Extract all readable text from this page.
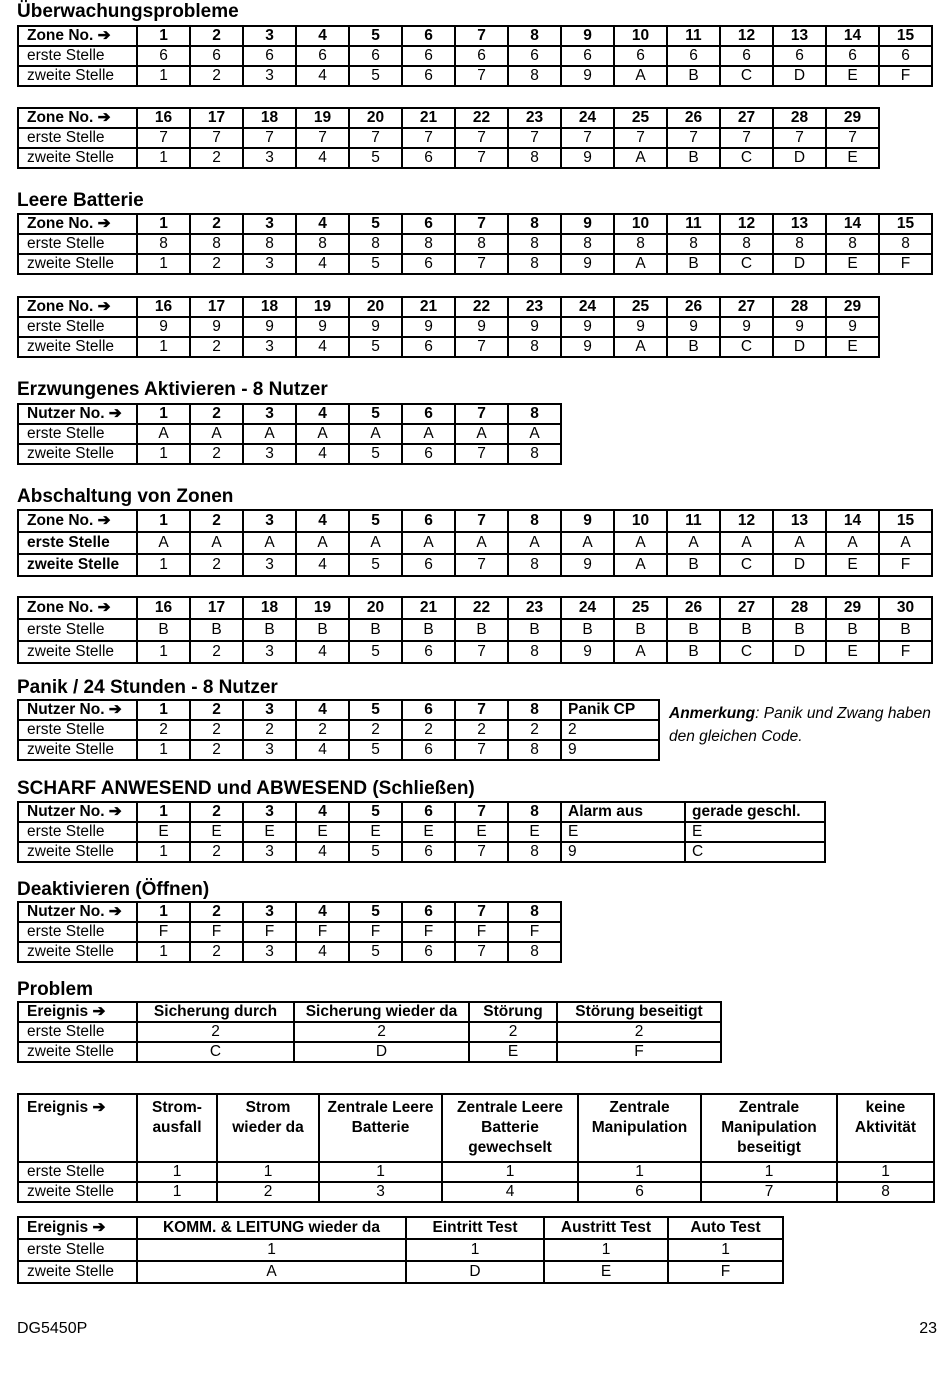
Überwachungsprobleme
Zone No. ➔	1	2	3	4	5	6	7	8	9	10	11	12	13	14	15
erste Stelle	6	6	6	6	6	6	6	6	6	6	6	6	6	6	6
zweite Stelle	1	2	3	4	5	6	7	8	9	A	B	C	D	E	F
Zone No. ➔	16	17	18	19	20	21	22	23	24	25	26	27	28	29
erste Stelle	7	7	7	7	7	7	7	7	7	7	7	7	7	7
zweite Stelle	1	2	3	4	5	6	7	8	9	A	B	C	D	E
Leere Batterie
Zone No. ➔	1	2	3	4	5	6	7	8	9	10	11	12	13	14	15
erste Stelle	8	8	8	8	8	8	8	8	8	8	8	8	8	8	8
zweite Stelle	1	2	3	4	5	6	7	8	9	A	B	C	D	E	F
Zone No. ➔	16	17	18	19	20	21	22	23	24	25	26	27	28	29
erste Stelle	9	9	9	9	9	9	9	9	9	9	9	9	9	9
zweite Stelle	1	2	3	4	5	6	7	8	9	A	B	C	D	E
Erzwungenes Aktivieren - 8 Nutzer
Nutzer No. ➔	1	2	3	4	5	6	7	8
erste Stelle	A	A	A	A	A	A	A	A
zweite Stelle	1	2	3	4	5	6	7	8
Abschaltung von Zonen
Zone No. ➔	1	2	3	4	5	6	7	8	9	10	11	12	13	14	15
erste Stelle	A	A	A	A	A	A	A	A	A	A	A	A	A	A	A
zweite Stelle	1	2	3	4	5	6	7	8	9	A	B	C	D	E	F
Zone No. ➔	16	17	18	19	20	21	22	23	24	25	26	27	28	29	30
erste Stelle	B	B	B	B	B	B	B	B	B	B	B	B	B	B	B
zweite Stelle	1	2	3	4	5	6	7	8	9	A	B	C	D	E	F
Panik / 24 Stunden - 8 Nutzer
Nutzer No. ➔	1	2	3	4	5	6	7	8	Panik CP
erste Stelle	2	2	2	2	2	2	2	2	2
zweite Stelle	1	2	3	4	5	6	7	8	9
Anmerkung: Panik und Zwang haben den gleichen Code.
SCHARF ANWESEND und ABWESEND (Schließen)
Nutzer No. ➔	1	2	3	4	5	6	7	8	Alarm aus	gerade geschl.
erste Stelle	E	E	E	E	E	E	E	E	E	E
zweite Stelle	1	2	3	4	5	6	7	8	9	C
Deaktivieren (Öffnen)
Nutzer No. ➔	1	2	3	4	5	6	7	8
erste Stelle	F	F	F	F	F	F	F	F
zweite Stelle	1	2	3	4	5	6	7	8
Problem
Ereignis ➔	Sicherung durch	Sicherung wieder da	Störung	Störung beseitigt
erste Stelle	2	2	2	2
zweite Stelle	C	D	E	F
Ereignis ➔	Strom-ausfall	Strom wieder da	Zentrale Leere Batterie	Zentrale Leere Batterie gewechselt	Zentrale Manipulation	Zentrale Manipulation beseitigt	keine Aktivität
erste Stelle	1	1	1	1	1	1	1
zweite Stelle	1	2	3	4	6	7	8
Ereignis ➔	KOMM. & LEITUNG wieder da	Eintritt Test	Austritt Test	Auto Test
erste Stelle	1	1	1	1
zweite Stelle	A	D	E	F
DG5450P	23
